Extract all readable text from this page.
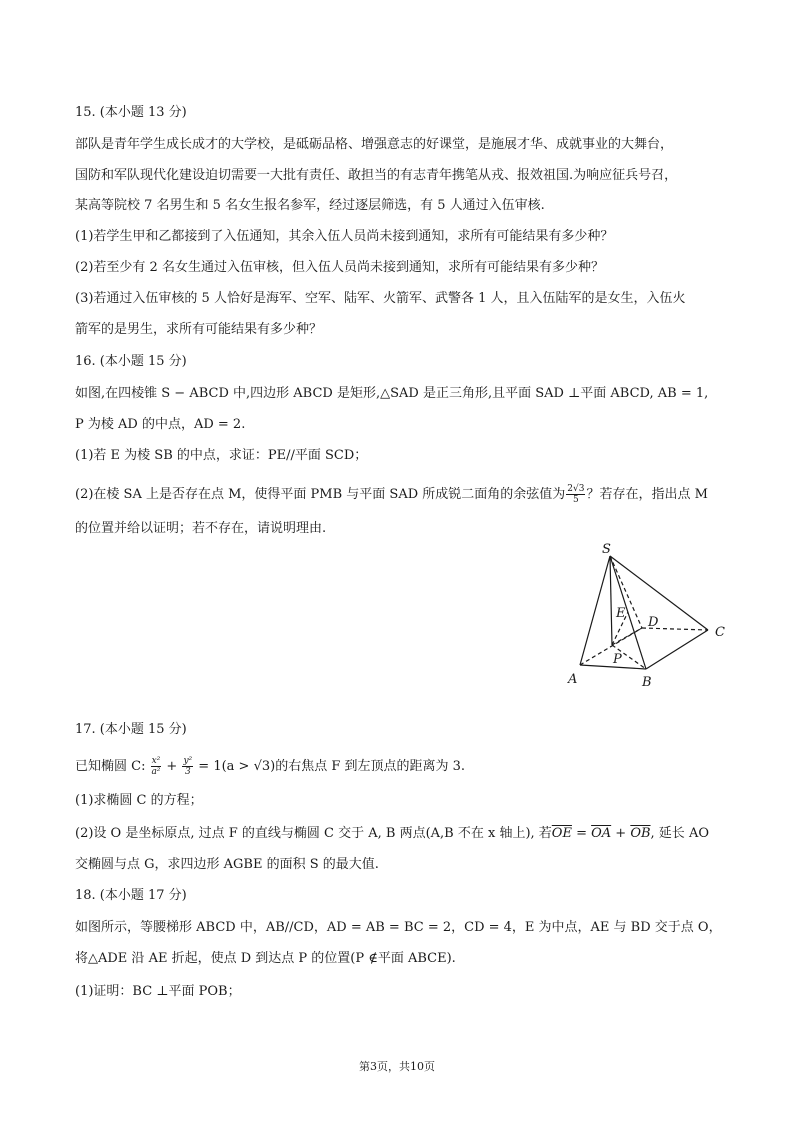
15. (本小题 13 分)
部队是青年学生成长成才的大学校，是砥砺品格、增强意志的好课堂，是施展才华、成就事业的大舞台，
国防和军队现代化建设迫切需要一大批有责任、敢担当的有志青年携笔从戎、报效祖国.为响应征兵号召，
某高等院校 7 名男生和 5 名女生报名参军，经过逐层筛选，有 5 人通过入伍审核.
(1)若学生甲和乙都接到了入伍通知，其余入伍人员尚未接到通知，求所有可能结果有多少种？
(2)若至少有 2 名女生通过入伍审核，但入伍人员尚未接到通知，求所有可能结果有多少种？
(3)若通过入伍审核的 5 人恰好是海军、空军、陆军、火箭军、武警各 1 人，且入伍陆军的是女生，入伍火
箭军的是男生，求所有可能结果有多少种？
16. (本小题 15 分)
如图,在四棱锥 S − ABCD 中,四边形 ABCD 是矩形,△SAD 是正三角形,且平面 SAD ⊥平面 ABCD, AB = 1,
P 为棱 AD 的中点，AD = 2.
(1)若 E 为棱 SB 的中点，求证：PE//平面 SCD；
(2)在棱 SA 上是否存在点 M，使得平面 PMB 与平面 SAD 所成锐二面角的余弦值为 $\frac{2√3}{5}$ ？若存在，指出点 M
的位置并给以证明；若不存在，请说明理由.
S
E
D
C
P
A	B
17. (本小题 15 分)
已知椭圆 C: $\frac{\text{x²}}{\text{a²}} + \frac{\text{y²}}{3} = 1(a > √3)$的右焦点 F 到左顶点的距离为 3.
(1)求椭圆 C 的方程；
(2)设 O 是坐标原点, 过点 F 的直线与椭圆 C 交于 A, B 两点(A,B 不在 x 轴上), 若$\overline{OE} = \overline{OA} + \overline{OB}$, 延长 AO
交椭圆与点 G，求四边形 AGBE 的面积 S 的最大值.
18. (本小题 17 分)
如图所示，等腰梯形 ABCD 中，AB//CD，AD = AB = BC = 2，CD = 4，E 为中点，AE 与 BD 交于点 O，
将△ADE 沿 AE 折起，使点 D 到达点 P 的位置(P ∉平面 ABCE).
(1)证明：BC ⊥平面 POB；
第3页，共10页
